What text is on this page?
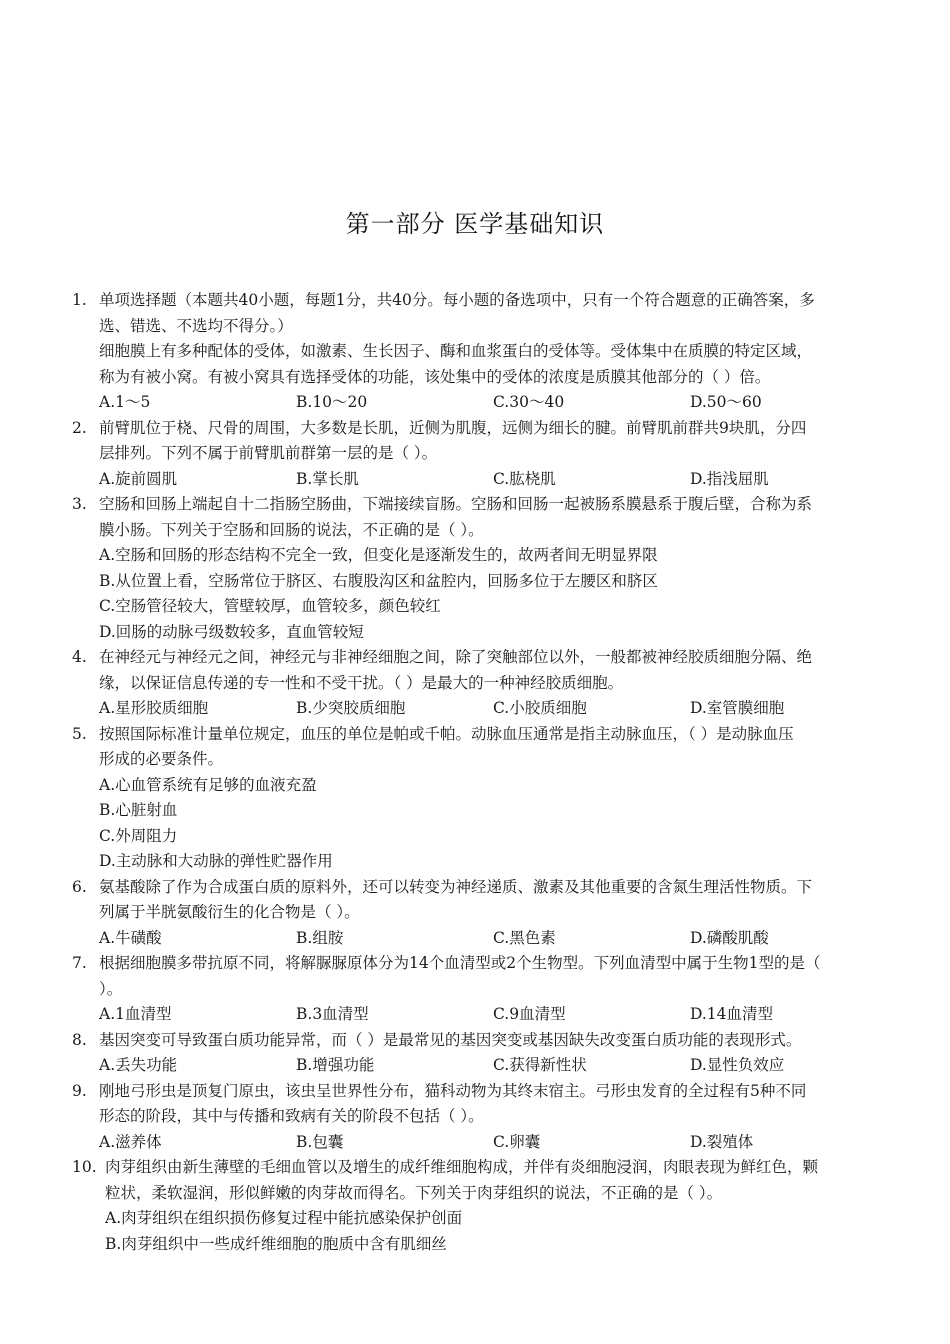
第一部分 医学基础知识
1. 单项选择题（本题共40小题，每题1分，共40分。每小题的备选项中，只有一个符合题意的正确答案，多
选、错选、不选均不得分。）
细胞膜上有多种配体的受体，如激素、生长因子、酶和血浆蛋白的受体等。受体集中在质膜的特定区域，
称为有被小窝。有被小窝具有选择受体的功能，该处集中的受体的浓度是质膜其他部分的（ ）倍。
A.1～5	B.10～20	C.30～40	D.50～60
2. 前臂肌位于桡、尺骨的周围，大多数是长肌，近侧为肌腹，远侧为细长的腱。前臂肌前群共9块肌，分四
层排列。下列不属于前臂肌前群第一层的是（ ）。
A.旋前圆肌	B.掌长肌	C.肱桡肌	D.指浅屈肌
3. 空肠和回肠上端起自十二指肠空肠曲，下端接续盲肠。空肠和回肠一起被肠系膜悬系于腹后壁，合称为系
膜小肠。下列关于空肠和回肠的说法，不正确的是（ ）。
A.空肠和回肠的形态结构不完全一致，但变化是逐渐发生的，故两者间无明显界限
B.从位置上看，空肠常位于脐区、右腹股沟区和盆腔内，回肠多位于左腰区和脐区
C.空肠管径较大，管壁较厚，血管较多，颜色较红
D.回肠的动脉弓级数较多，直血管较短
4. 在神经元与神经元之间，神经元与非神经细胞之间，除了突触部位以外，一般都被神经胶质细胞分隔、绝
缘，以保证信息传递的专一性和不受干扰。（ ）是最大的一种神经胶质细胞。
A.星形胶质细胞	B.少突胶质细胞	C.小胶质细胞	D.室管膜细胞
5. 按照国际标准计量单位规定，血压的单位是帕或千帕。动脉血压通常是指主动脉血压，（ ）是动脉血压
形成的必要条件。
A.心血管系统有足够的血液充盈
B.心脏射血
C.外周阻力
D.主动脉和大动脉的弹性贮器作用
6. 氨基酸除了作为合成蛋白质的原料外，还可以转变为神经递质、激素及其他重要的含氮生理活性物质。下
列属于半胱氨酸衍生的化合物是（ ）。
A.牛磺酸	B.组胺	C.黑色素	D.磷酸肌酸
7. 根据细胞膜多带抗原不同，将解脲脲原体分为14个血清型或2个生物型。下列血清型中属于生物1型的是（
）。
A.1血清型	B.3血清型	C.9血清型	D.14血清型
8. 基因突变可导致蛋白质功能异常，而（ ）是最常见的基因突变或基因缺失改变蛋白质功能的表现形式。
A.丢失功能	B.增强功能	C.获得新性状	D.显性负效应
9. 刚地弓形虫是顶复门原虫，该虫呈世界性分布，猫科动物为其终末宿主。弓形虫发育的全过程有5种不同
形态的阶段，其中与传播和致病有关的阶段不包括（ ）。
A.滋养体	B.包囊	C.卵囊	D.裂殖体
10. 肉芽组织由新生薄壁的毛细血管以及增生的成纤维细胞构成，并伴有炎细胞浸润，肉眼表现为鲜红色，颗
粒状，柔软湿润，形似鲜嫩的肉芽故而得名。下列关于肉芽组织的说法，不正确的是（ ）。
A.肉芽组织在组织损伤修复过程中能抗感染保护创面
B.肉芽组织中一些成纤维细胞的胞质中含有肌细丝
